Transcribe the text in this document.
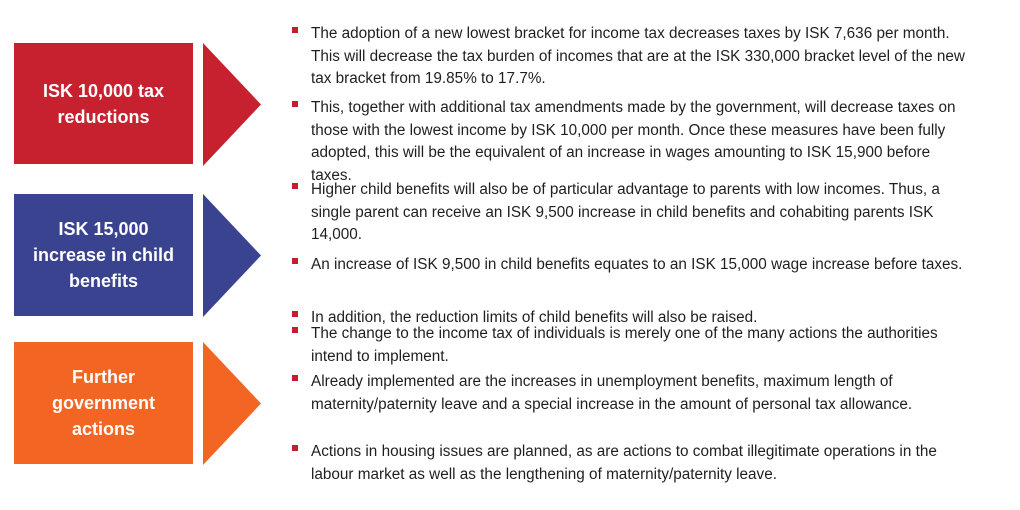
ISK 10,000 tax reductions
ISK 15,000 increase in child benefits
Further government actions
The adoption of a new lowest bracket for income tax decreases taxes by ISK 7,636 per month. This will decrease the tax burden of incomes that are at the ISK 330,000 bracket level of the new tax bracket from 19.85% to 17.7%.
This, together with additional tax amendments made by the government, will decrease taxes on those with the lowest income by ISK 10,000 per month. Once these measures have been fully adopted, this will be the equivalent of an increase in wages amounting to ISK 15,900 before taxes.
Higher child benefits will also be of particular advantage to parents with low incomes. Thus, a single parent can receive an ISK 9,500 increase in child benefits and cohabiting parents ISK 14,000.
An increase of ISK 9,500 in child benefits equates to an ISK 15,000 wage increase before taxes.
In addition, the reduction limits of child benefits will also be raised.
The change to the income tax of individuals is merely one of the many actions the authorities intend to implement.
Already implemented are the increases in unemployment benefits, maximum length of maternity/paternity leave and a special increase in the amount of personal tax allowance.
Actions in housing issues are planned, as are actions to combat illegitimate operations in the labour market as well as the lengthening of maternity/paternity leave.
